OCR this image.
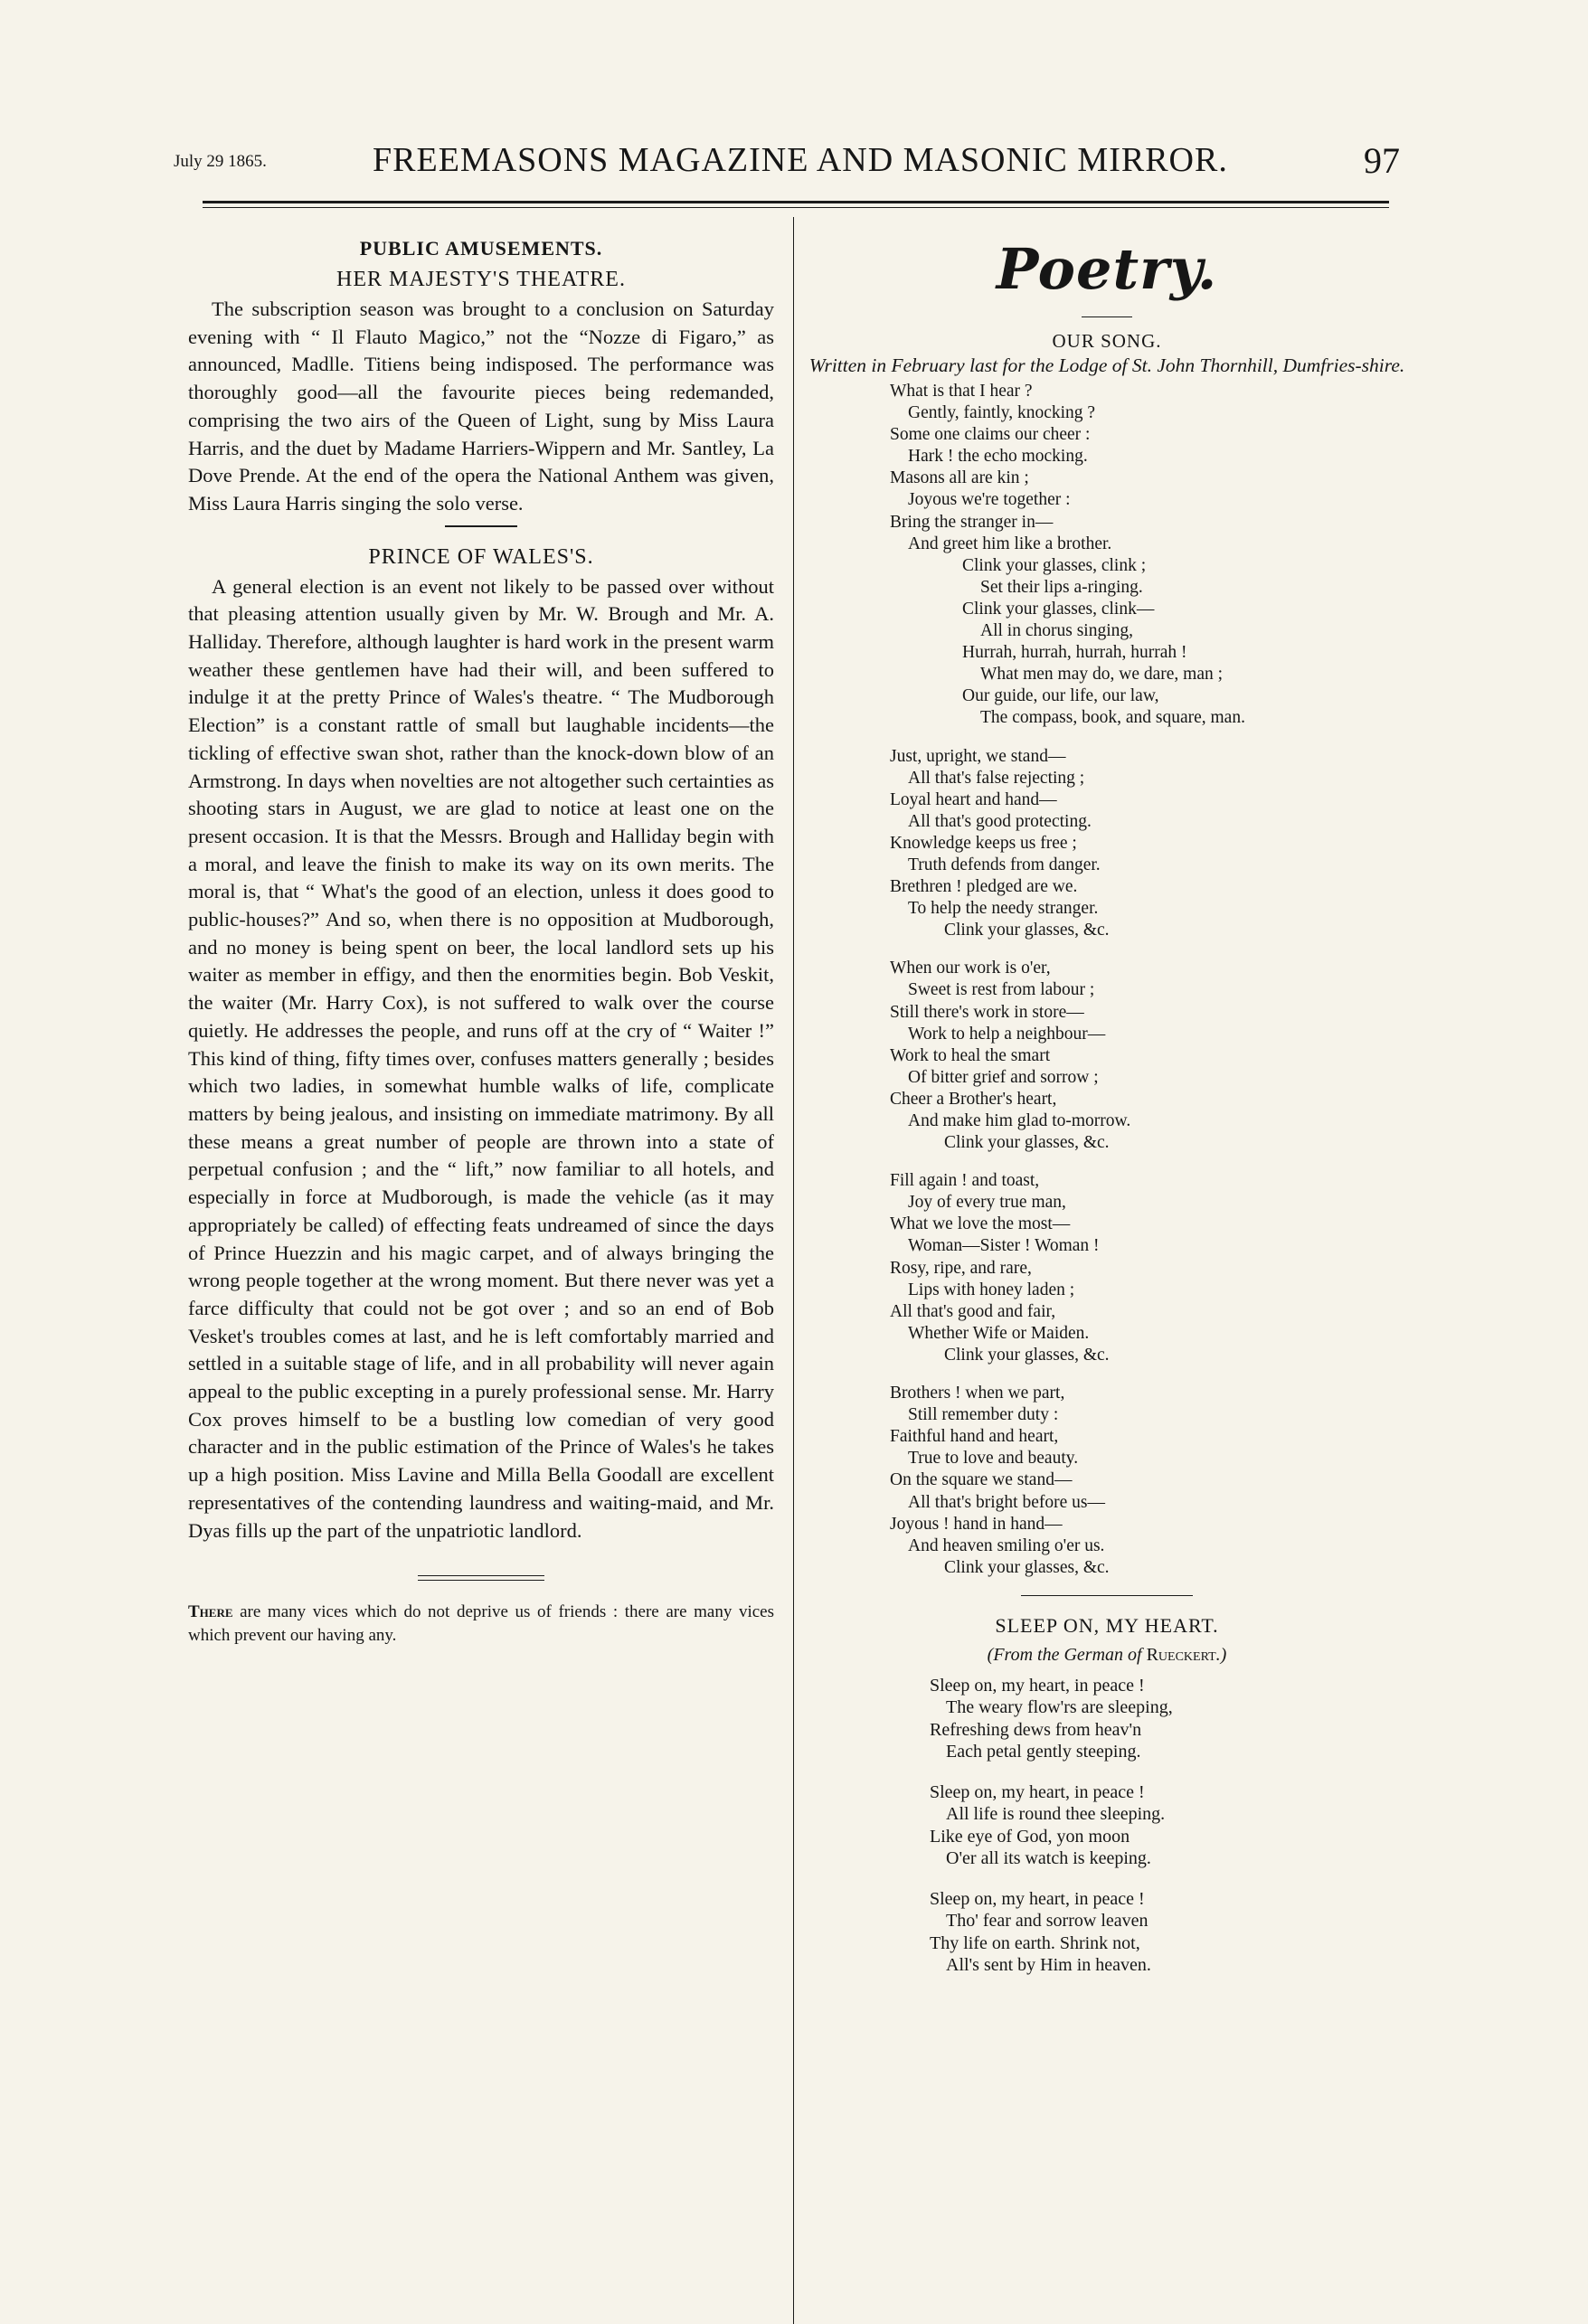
July 29 1865.	FREEMASONS MAGAZINE AND MASONIC MIRROR.	97
PUBLIC AMUSEMENTS.
HER MAJESTY'S THEATRE.

The subscription season was brought to a conclusion on Saturday evening with “ Il Flauto Magico,” not the “Nozze di Figaro,” as announced, Madlle. Titiens being indisposed. The performance was thoroughly good—all the favourite pieces being redemanded, comprising the two airs of the Queen of Light, sung by Miss Laura Harris, and the duet by Madame Harriers-Wippern and Mr. Santley, La Dove Prende. At the end of the opera the National Anthem was given, Miss Laura Harris singing the solo verse.

PRINCE OF WALES'S.

A general election is an event not likely to be passed over without that pleasing attention usually given by Mr. W. Brough and Mr. A. Halliday. Therefore, although laughter is hard work in the present warm weather these gentlemen have had their will, and been suffered to indulge it at the pretty Prince of Wales's theatre. “ The Mudborough Election” is a constant rattle of small but laughable incidents—the tickling of effective swan shot, rather than the knock-down blow of an Armstrong. In days when novelties are not altogether such certainties as shooting stars in August, we are glad to notice at least one on the present occasion. It is that the Messrs. Brough and Halliday begin with a moral, and leave the finish to make its way on its own merits. The moral is, that “ What's the good of an election, unless it does good to public-houses?” And so, when there is no opposition at Mudborough, and no money is being spent on beer, the local landlord sets up his waiter as member in effigy, and then the enormities begin. Bob Veskit, the waiter (Mr. Harry Cox), is not suffered to walk over the course quietly. He addresses the people, and runs off at the cry of “ Waiter !” This kind of thing, fifty times over, confuses matters generally ; besides which two ladies, in somewhat humble walks of life, complicate matters by being jealous, and insisting on immediate matrimony. By all these means a great number of people are thrown into a state of perpetual confusion ; and the “ lift,” now familiar to all hotels, and especially in force at Mudborough, is made the vehicle (as it may appropriately be called) of effecting feats undreamed of since the days of Prince Huezzin and his magic carpet, and of always bringing the wrong people together at the wrong moment. But there never was yet a farce difficulty that could not be got over ; and so an end of Bob Vesket's troubles comes at last, and he is left comfortably married and settled in a suitable stage of life, and in all probability will never again appeal to the public excepting in a purely professional sense. Mr. Harry Cox proves himself to be a bustling low comedian of very good character and in the public estimation of the Prince of Wales's he takes up a high position. Miss Lavine and Milla Bella Goodall are excellent representatives of the contending laundress and waiting-maid, and Mr. Dyas fills up the part of the unpatriotic landlord.

There are many vices which do not deprive us of friends : there are many vices which prevent our having any.

Poetry.
OUR SONG.
Written in February last for the Lodge of St. John Thornhill, Dumfries-shire.
What is that I hear ?
Gently, faintly, knocking ?
Some one claims our cheer :
Hark ! the echo mocking.
Masons all are kin ;
Joyous we're together :
Bring the stranger in—
And greet him like a brother.
Clink your glasses, clink ;
Set their lips a-ringing.
Clink your glasses, clink—
All in chorus singing,
Hurrah, hurrah, hurrah, hurrah !
What men may do, we dare, man ;
Our guide, our life, our law,
The compass, book, and square, man.
Just, upright, we stand—
All that's false rejecting ;
Loyal heart and hand—
All that's good protecting.
Knowledge keeps us free ;
Truth defends from danger.
Brethren ! pledged are we.
To help the needy stranger.
Clink your glasses, &c.
When our work is o'er,
Sweet is rest from labour ;
Still there's work in store—
Work to help a neighbour—
Work to heal the smart
Of bitter grief and sorrow ;
Cheer a Brother's heart,
And make him glad to-morrow.
Clink your glasses, &c.
Fill again ! and toast,
Joy of every true man,
What we love the most—
Woman—Sister ! Woman !
Rosy, ripe, and rare,
Lips with honey laden ;
All that's good and fair,
Whether Wife or Maiden.
Clink your glasses, &c.
Brothers ! when we part,
Still remember duty :
Faithful hand and heart,
True to love and beauty.
On the square we stand—
All that's bright before us—
Joyous ! hand in hand—
And heaven smiling o'er us.
Clink your glasses, &c.
SLEEP ON, MY HEART.
(From the German of Rueckert.)
Sleep on, my heart, in peace !
The weary flow'rs are sleeping,
Refreshing dews from heav'n
Each petal gently steeping.
Sleep on, my heart, in peace !
All life is round thee sleeping.
Like eye of God, yon moon
O'er all its watch is keeping.
Sleep on, my heart, in peace !
Tho' fear and sorrow leaven
Thy life on earth. Shrink not,
All's sent by Him in heaven.
